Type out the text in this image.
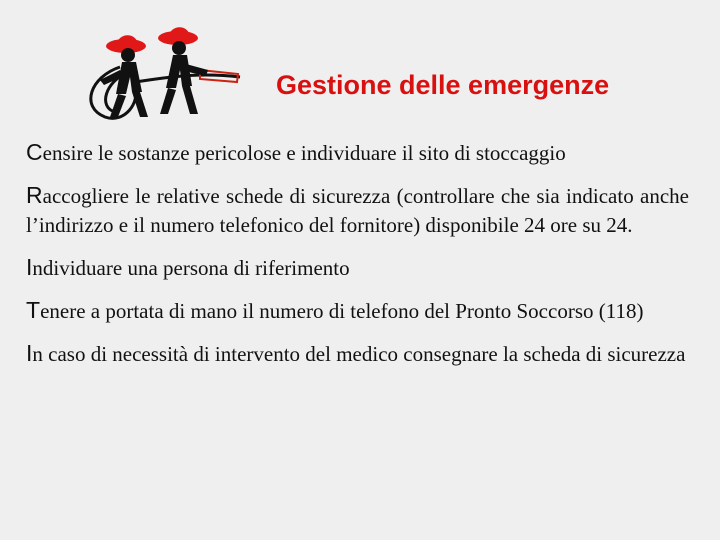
Gestione delle emergenze
Censire le sostanze pericolose e individuare il sito di stoccaggio
Raccogliere le relative schede di sicurezza (controllare che sia indicato anche l’indirizzo e il numero telefonico del fornitore) disponibile 24 ore su 24.
Individuare una persona di riferimento
Tenere a portata di mano il numero di telefono del Pronto Soccorso (118)
In caso di necessità di intervento del medico consegnare la scheda di sicurezza
